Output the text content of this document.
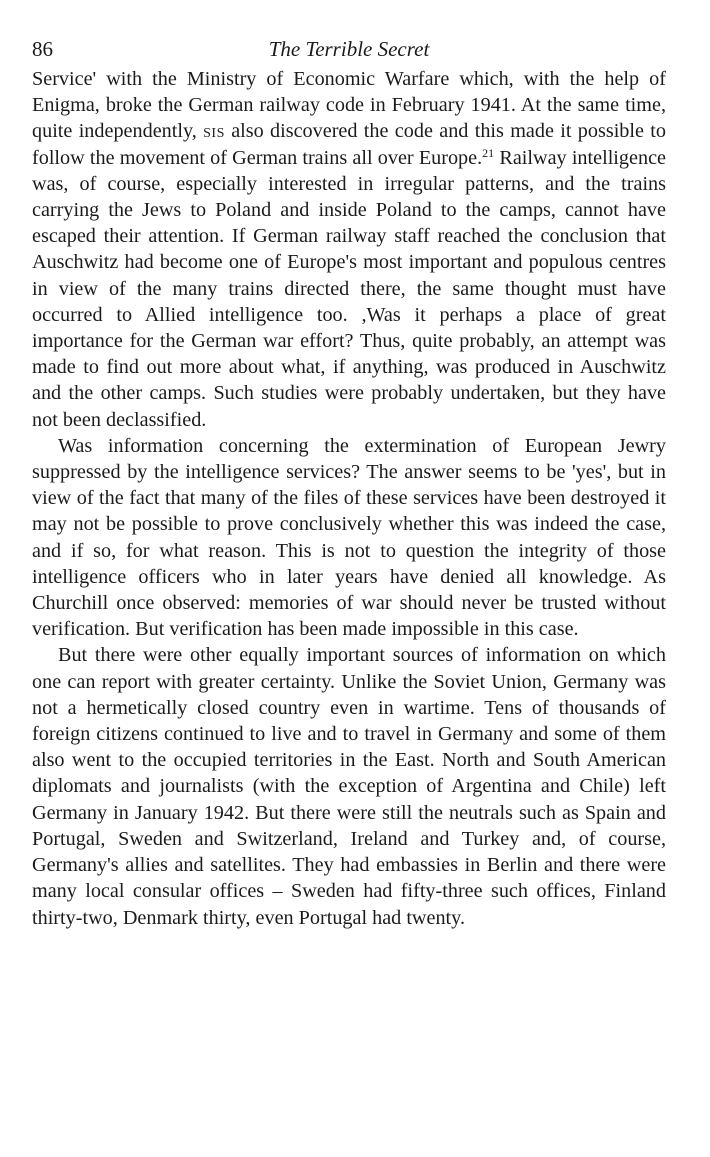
86	The Terrible Secret

Service' with the Ministry of Economic Warfare which, with the help of Enigma, broke the German railway code in February 1941. At the same time, quite independently, sis also discovered the code and this made it possible to follow the movement of German trains all over Europe.$^{21}$ Railway intelligence was, of course, especially interested in irregular patterns, and the trains carrying the Jews to Poland and inside Poland to the camps, cannot have escaped their attention. If German railway staff reached the conclusion that Auschwitz had become one of Europe's most important and populous centres in view of the many trains directed there, the same thought must have occurred to Allied intelligence too. ,Was it perhaps a place of great importance for the German war effort? Thus, quite probably, an attempt was made to find out more about what, if anything, was produced in Auschwitz and the other camps. Such studies were probably undertaken, but they have not been declassified.

Was information concerning the extermination of European Jewry suppressed by the intelligence services? The answer seems to be 'yes', but in view of the fact that many of the files of these services have been destroyed it may not be possible to prove conclusively whether this was indeed the case, and if so, for what reason. This is not to question the integrity of those intelligence officers who in later years have denied all knowledge. As Churchill once observed: memories of war should never be trusted without verification. But verification has been made impossible in this case.

But there were other equally important sources of information on which one can report with greater certainty. Unlike the Soviet Union, Germany was not a hermetically closed country even in wartime. Tens of thousands of foreign citizens continued to live and to travel in Germany and some of them also went to the occupied territories in the East. North and South American diplomats and journalists (with the exception of Argentina and Chile) left Germany in January 1942. But there were still the neutrals such as Spain and Portugal, Sweden and Switzerland, Ireland and Turkey and, of course, Germany's allies and satellites. They had embassies in Berlin and there were many local consular offices – Sweden had fifty-three such offices, Finland thirty-two, Denmark thirty, even Portugal had twenty.
